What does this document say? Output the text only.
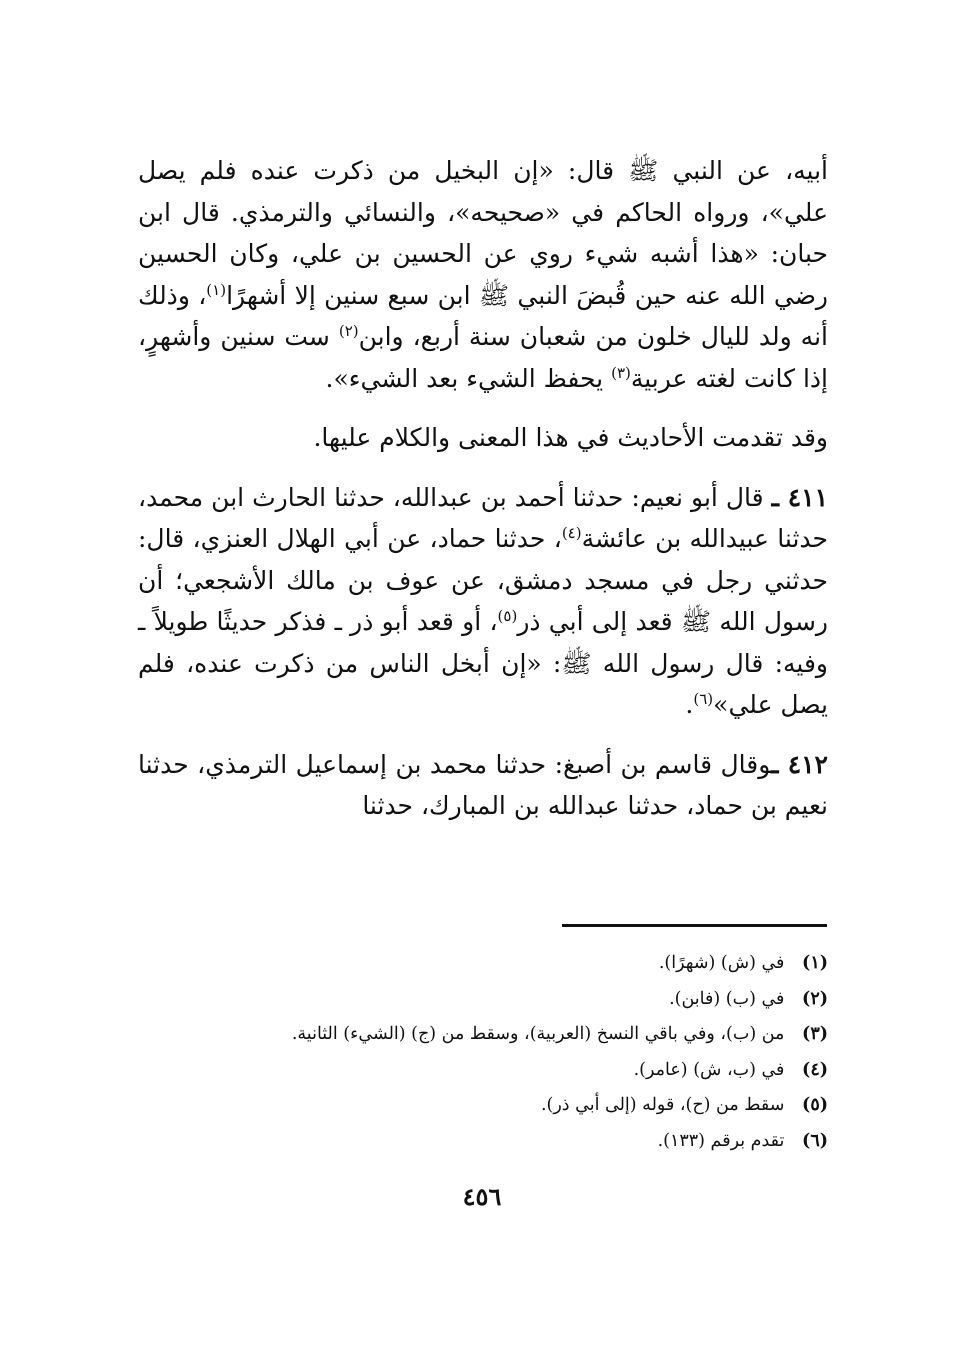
أبيه، عن النبي ﷺ قال: «إن البخيل من ذكرت عنده فلم يصل علي»، ورواه الحاكم في «صحيحه»، والنسائي والترمذي. قال ابن حبان: «هذا أشبه شيء روي عن الحسين بن علي، وكان الحسين رضي الله عنه حين قُبضَ النبي ﷺ ابن سبع سنين إلا أشهرًا$^{(١)}$، وذلك أنه ولد لليال خلون من شعبان سنة أربع، وابن$^{(٢)}$ ست سنين وأشهرٍ، إذا كانت لغته عربية$^{(٣)}$ يحفظ الشيء بعد الشيء».

وقد تقدمت الأحاديث في هذا المعنى والكلام عليها.

٤١١ ـ قال أبو نعيم: حدثنا أحمد بن عبدالله، حدثنا الحارث ابن محمد، حدثنا عبيدالله بن عائشة$^{(٤)}$، حدثنا حماد، عن أبي الهلال العنزي، قال: حدثني رجل في مسجد دمشق، عن عوف بن مالك الأشجعي؛ أن رسول الله ﷺ قعد إلى أبي ذر$^{(٥)}$، أو قعد أبو ذر ـ فذكر حديثًا طويلاً ـ وفيه: قال رسول الله ﷺ: «إن أبخل الناس من ذكرت عنده، فلم يصل علي»$^{(٦)}$.

٤١٢ ـوقال قاسم بن أصبغ: حدثنا محمد بن إسماعيل الترمذي، حدثنا نعيم بن حماد، حدثنا عبدالله بن المبارك، حدثنا

(١) في (ش) (شهرًا).
(٢) في (ب) (فابن).
(٣) من (ب)، وفي باقي النسخ (العربية)، وسقط من (ج) (الشيء) الثانية.
(٤) في (ب، ش) (عامر).
(٥) سقط من (ح)، قوله (إلى أبي ذر).
(٦) تقدم برقم (١٣٣).
٤٥٦
